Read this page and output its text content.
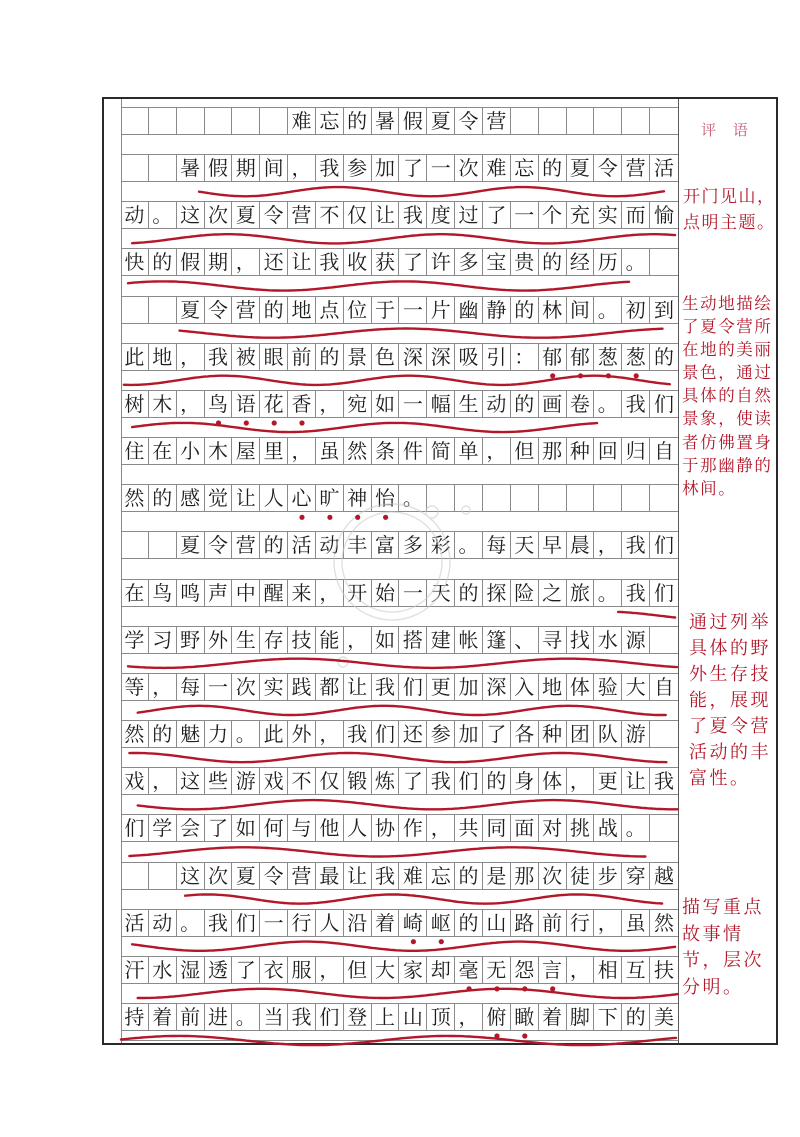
难 忘 的 暑 假 夏 令 营
暑 假 期 间 ， 我 参 加 了 一 次 难 忘 的 夏 令 营 活
动 。 这 次 夏 令 营 不 仅 让 我 度 过 了 一 个 充 实 而 愉
快 的 假 期 ， 还 让 我 收 获 了 许 多 宝 贵 的 经 历 。
夏 令 营 的 地 点 位 于 一 片 幽 静 的 林 间 。 初 到
此 地 ， 我 被 眼 前 的 景 色 深 深 吸 引 ： 郁 郁 葱 葱 的
树 木 ， 鸟 语 花 香 ， 宛 如 一 幅 生 动 的 画 卷 。 我 们
住 在 小 木 屋 里 ， 虽 然 条 件 简 单 ， 但 那 种 回 归 自
然 的 感 觉 让 人 心 旷 神 怡 。
夏 令 营 的 活 动 丰 富 多 彩 。 每 天 早 晨 ， 我 们
在 鸟 鸣 声 中 醒 来 ， 开 始 一 天 的 探 险 之 旅 。 我 们
学 习 野 外 生 存 技 能 ， 如 搭 建 帐 篷 、 寻 找 水 源
等 ， 每 一 次 实 践 都 让 我 们 更 加 深 入 地 体 验 大 自
然 的 魅 力 。 此 外 ， 我 们 还 参 加 了 各 种 团 队 游
戏 ， 这 些 游 戏 不 仅 锻 炼 了 我 们 的 身 体 ， 更 让 我
们 学 会 了 如 何 与 他 人 协 作 ， 共 同 面 对 挑 战 。
这 次 夏 令 营 最 让 我 难 忘 的 是 那 次 徒 步 穿 越
活 动 。 我 们 一 行 人 沿 着 崎 岖 的 山 路 前 行 ， 虽 然
汗 水 湿 透 了 衣 服 ， 但 大 家 却 毫 无 怨 言 ， 相 互 扶
持 着 前 进 。 当 我 们 登 上 山 顶 ， 俯 瞰 着 脚 下 的 美
评 语
开门见山，
点明主题。
生动地描绘
了夏令营所
在地的美丽
景色，通过
具体的自然
景象，使读
者仿佛置身
于那幽静的
林间。
通过列举
具体的野
外生存技
能，展现
了夏令营
活动的丰
富性。
描写重点
故事情
节，层次
分明。
